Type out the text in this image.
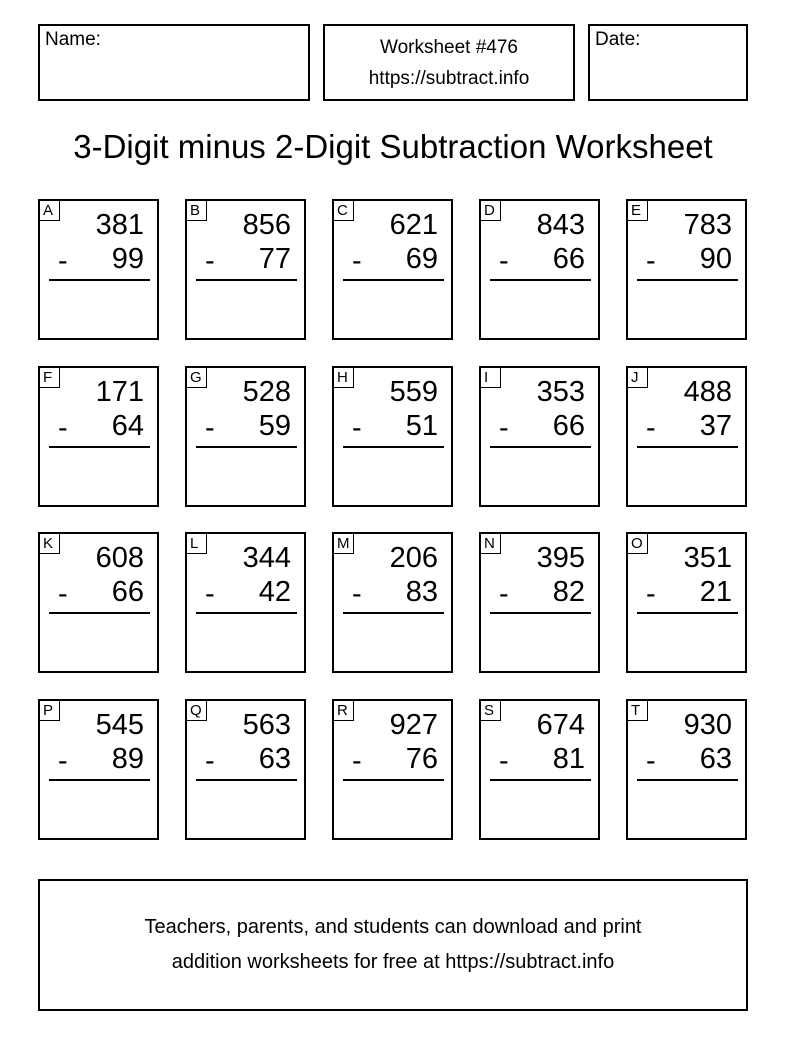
Name:	Worksheet #476
https://subtract.info
Date:
3-Digit minus 2-Digit Subtraction Worksheet
A 381
- 99
B 856
- 77
C 621
- 69
D 843
- 66
E 783
- 90
F 171
- 64
G 528
- 59
H 559
- 51
I	353
- 66
J	488
- 37
K 608
- 66
L 344
- 42
M 206
- 83
N 395
- 82
O 351
- 21
P 545
- 89
Q 563
- 63
R 927
- 76
S 674
- 81
T 930
- 63
Teachers, parents, and students can download and print
addition worksheets for free at https://subtract.info
